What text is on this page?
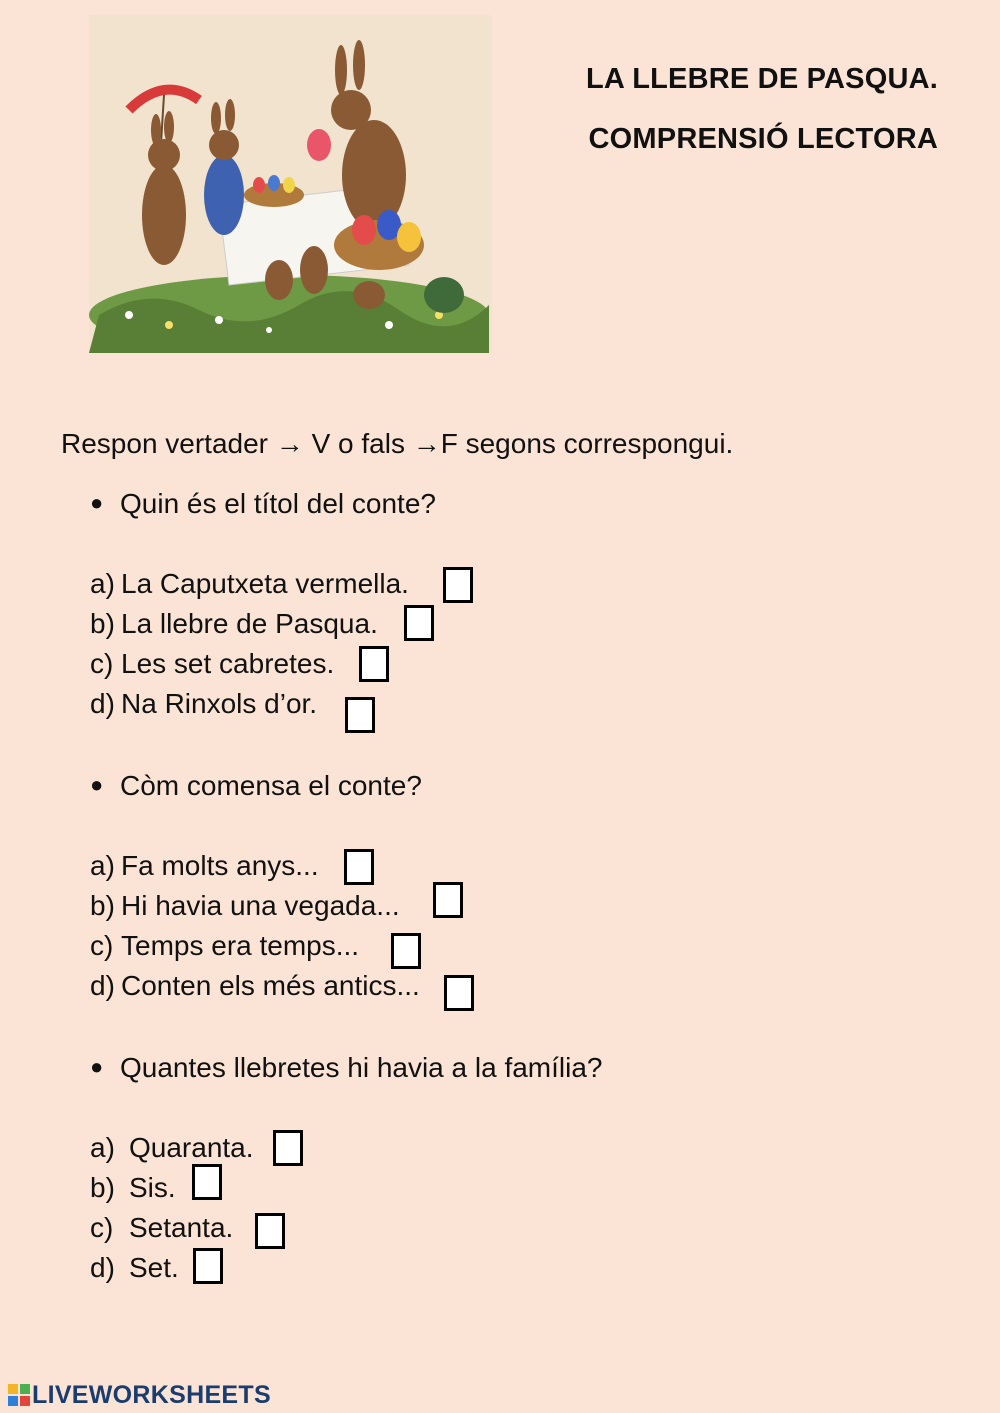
LA LLEBRE DE PASQUA.
COMPRENSIÓ LECTORA
Respon vertader → V o fals →F segons correspongui.
● Quin és el títol del conte?
a) La Caputxeta vermella.
b) La llebre de Pasqua.
c) Les set cabretes.
d) Na Rinxols d’or.
● Còm comensa el conte?
a) Fa molts anys...
b) Hi havia una vegada...
c) Temps era temps...
d) Conten els més antics...
● Quantes llebretes hi havia a la família?
a) Quaranta.
b) Sis.
c) Setanta.
d) Set.
LIVEWORKSHEETS
